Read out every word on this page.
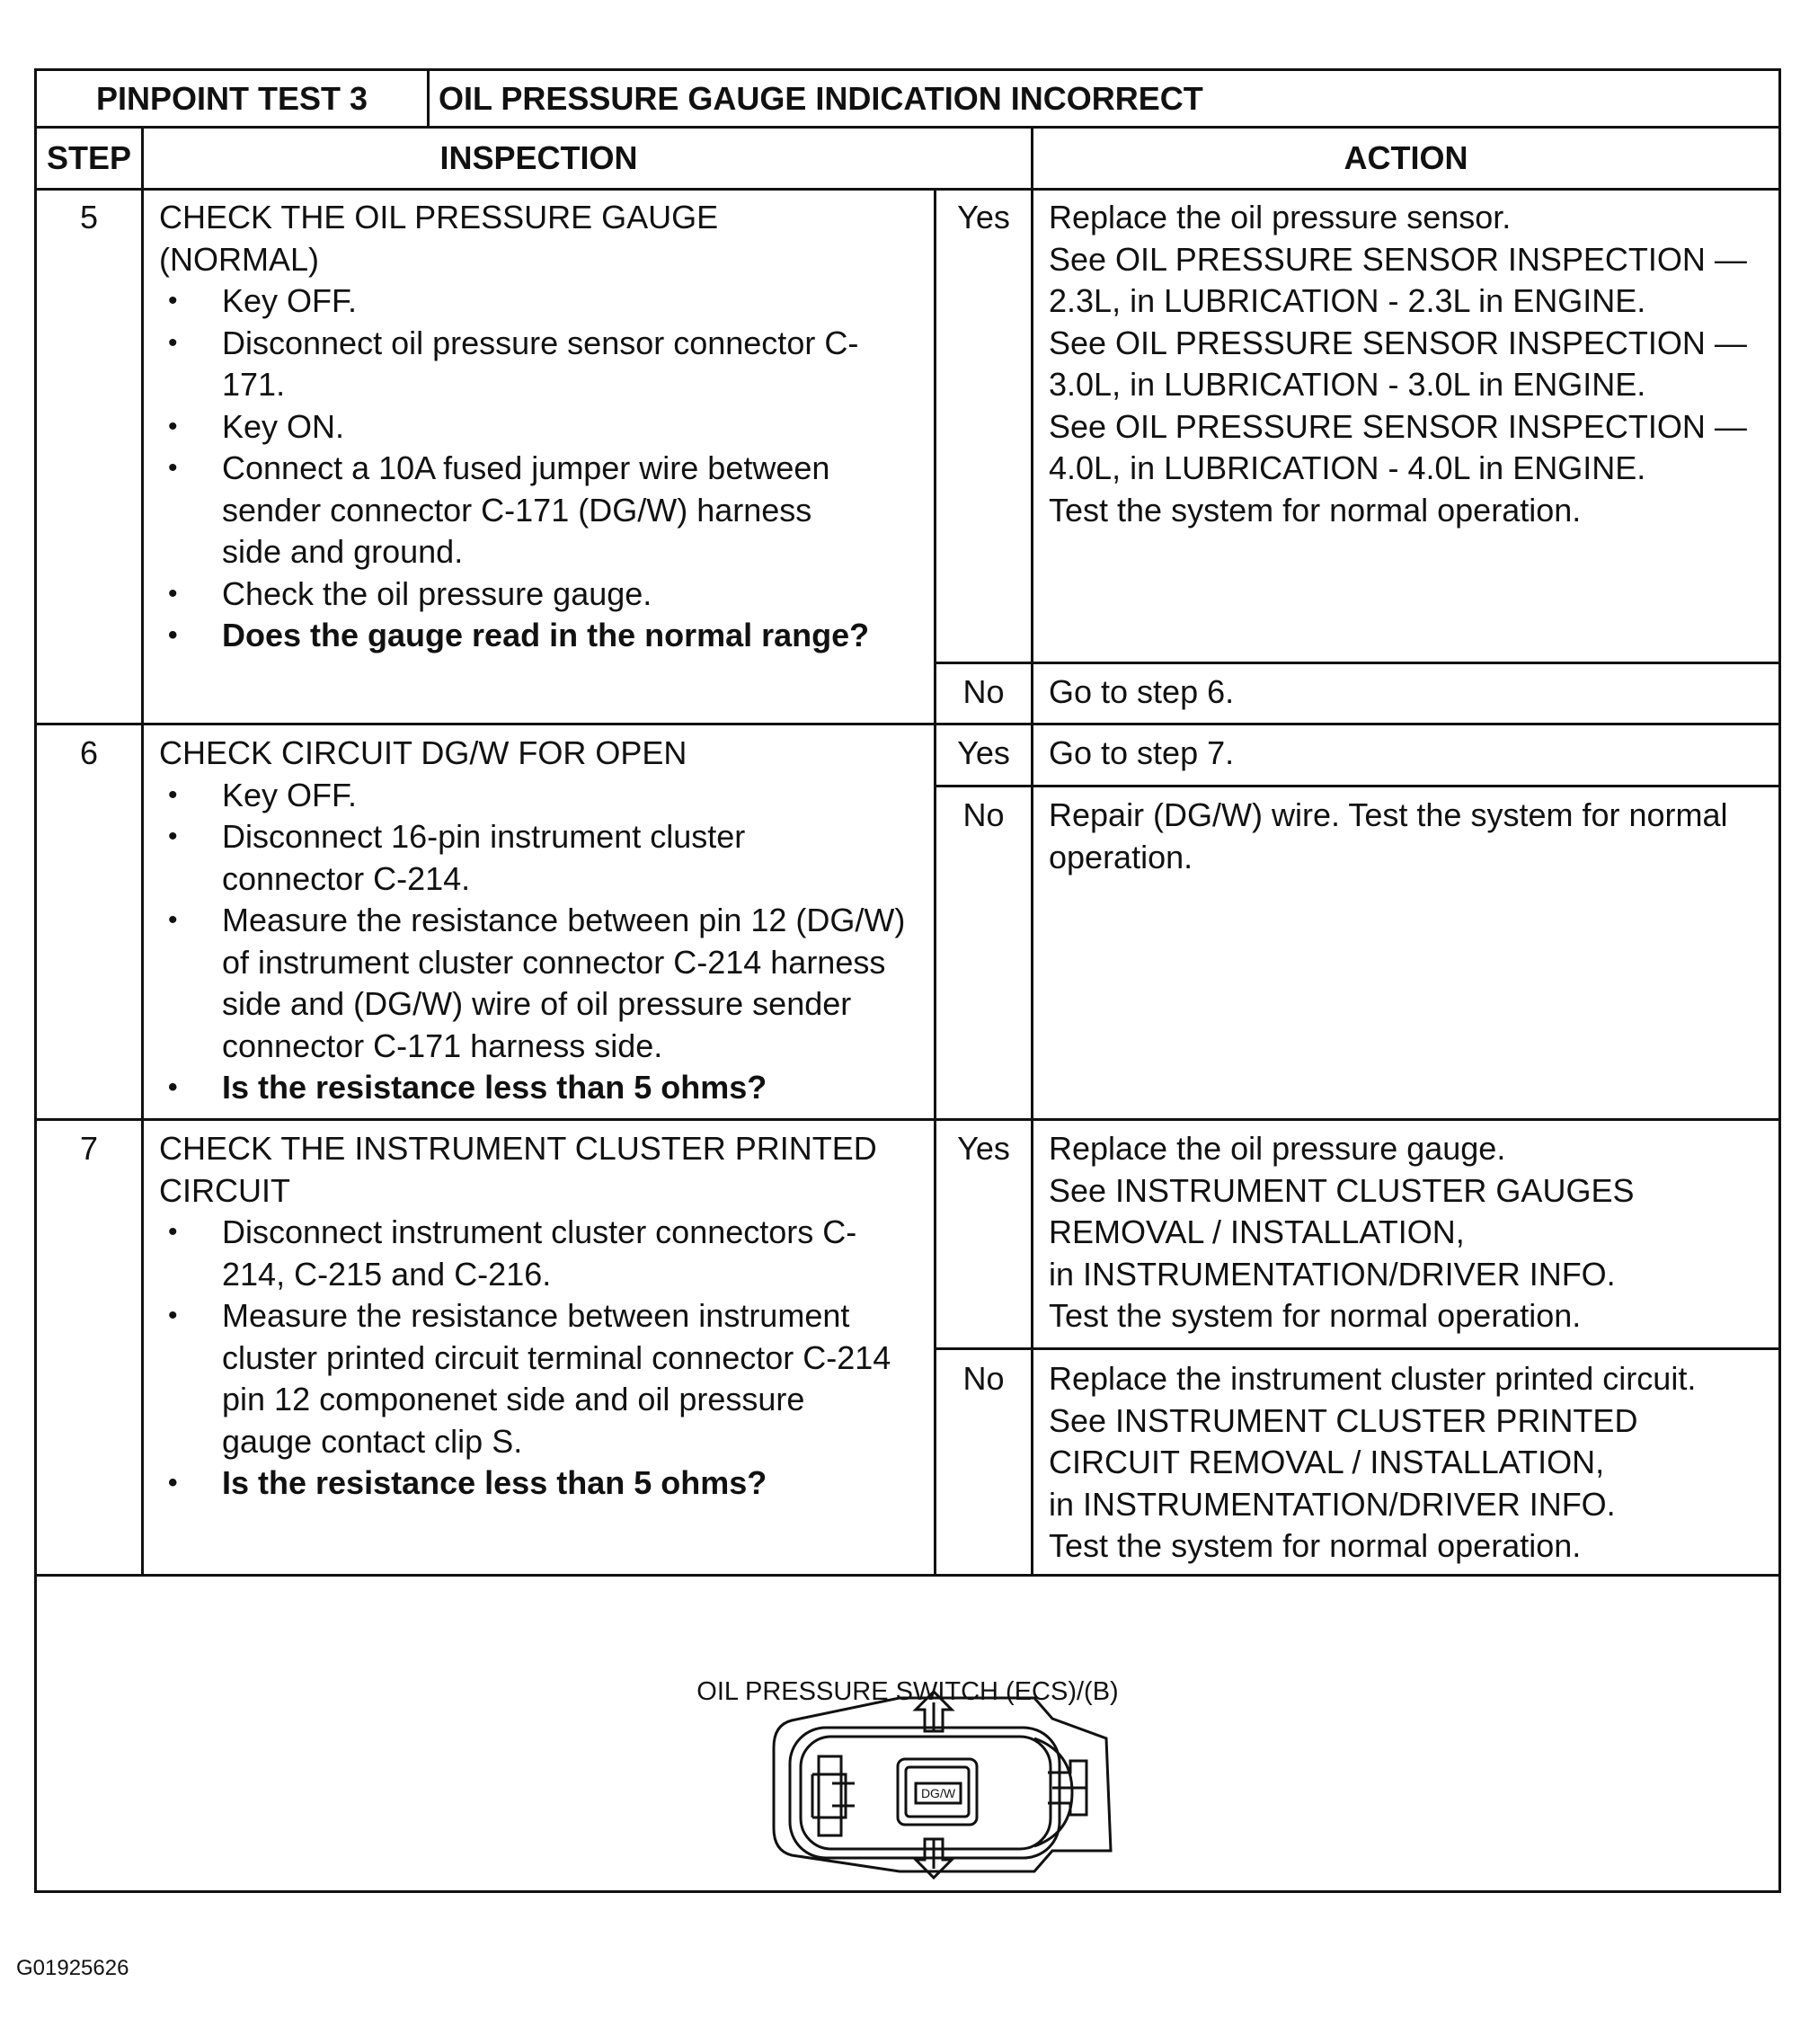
PINPOINT TEST 3	OIL PRESSURE GAUGE INDICATION INCORRECT
STEP	INSPECTION	ACTION
5	CHECK THE OIL PRESSURE GAUGE (NORMAL)
• Key OFF.
• Disconnect oil pressure sensor connector C-171.
• Key ON.
• Connect a 10A fused jumper wire between sender connector C-171 (DG/W) harness side and ground.
• Check the oil pressure gauge.
• Does the gauge read in the normal range?
Yes	Replace the oil pressure sensor.

See OIL PRESSURE SENSOR INSPECTION — 2.3L, in LUBRICATION - 2.3L in ENGINE.

See OIL PRESSURE SENSOR INSPECTION — 3.0L, in LUBRICATION - 3.0L in ENGINE.

See OIL PRESSURE SENSOR INSPECTION — 4.0L, in LUBRICATION - 4.0L in ENGINE.

Test the system for normal operation.

No	Go to step 6.

6	CHECK CIRCUIT DG/W FOR OPEN
• Key OFF.
• Disconnect 16-pin instrument cluster connector C-214.
• Measure the resistance between pin 12 (DG/W) of instrument cluster connector C-214 harness side and (DG/W) wire of oil pressure sender connector C-171 harness side.
• Is the resistance less than 5 ohms?
Yes	Go to step 7.

No	Repair (DG/W) wire. Test the system for normal operation.

7	CHECK THE INSTRUMENT CLUSTER PRINTED CIRCUIT
• Disconnect instrument cluster connectors C-214, C-215 and C-216.
• Measure the resistance between instrument cluster printed circuit terminal connector C-214 pin 12 componenet side and oil pressure gauge contact clip S.
• Is the resistance less than 5 ohms?
Yes	Replace the oil pressure gauge.

See INSTRUMENT CLUSTER GAUGES REMOVAL / INSTALLATION,

in INSTRUMENTATION/DRIVER INFO.

Test the system for normal operation.

No	Replace the instrument cluster printed circuit.

See INSTRUMENT CLUSTER PRINTED CIRCUIT REMOVAL / INSTALLATION,

in INSTRUMENTATION/DRIVER INFO.

Test the system for normal operation.

OIL PRESSURE SWITCH (ECS)/(B)
DG/W
G01925626
